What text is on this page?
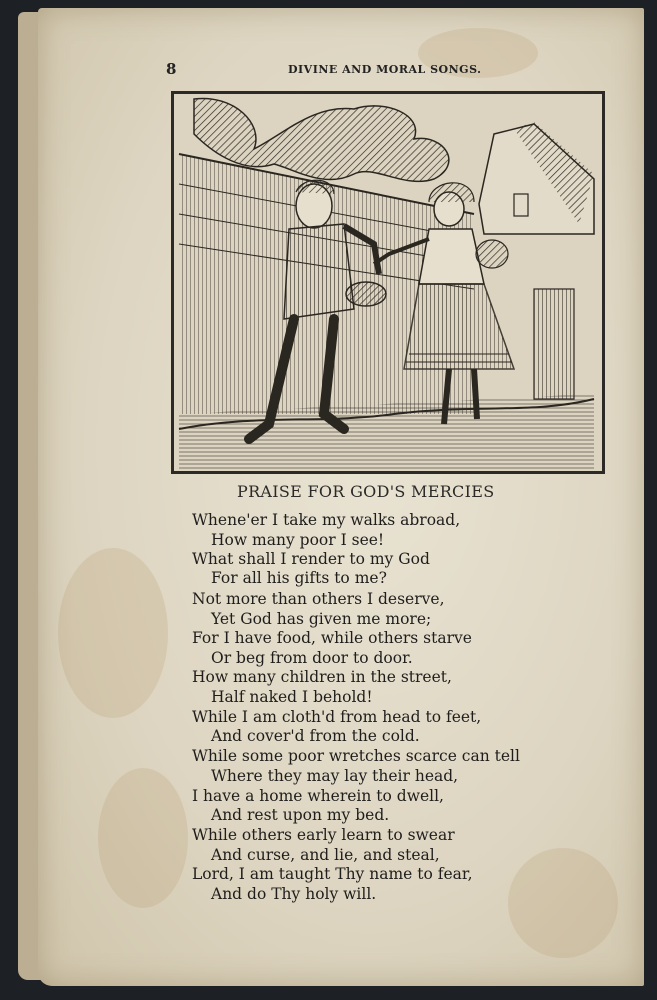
8	DIVINE AND MORAL SONGS.
PRAISE FOR GOD'S MERCIES
Whene'er I take my walks abroad,
How many poor I see!
What shall I render to my God
For all his gifts to me?
Not more than others I deserve,
Yet God has given me more;
For I have food, while others starve
Or beg from door to door.
How many children in the street,
Half naked I behold!
While I am cloth'd from head to feet,
And cover'd from the cold.
While some poor wretches scarce can tell
Where they may lay their head,
I have a home wherein to dwell,
And rest upon my bed.
While others early learn to swear
And curse, and lie, and steal,
Lord, I am taught Thy name to fear,
And do Thy holy will.
